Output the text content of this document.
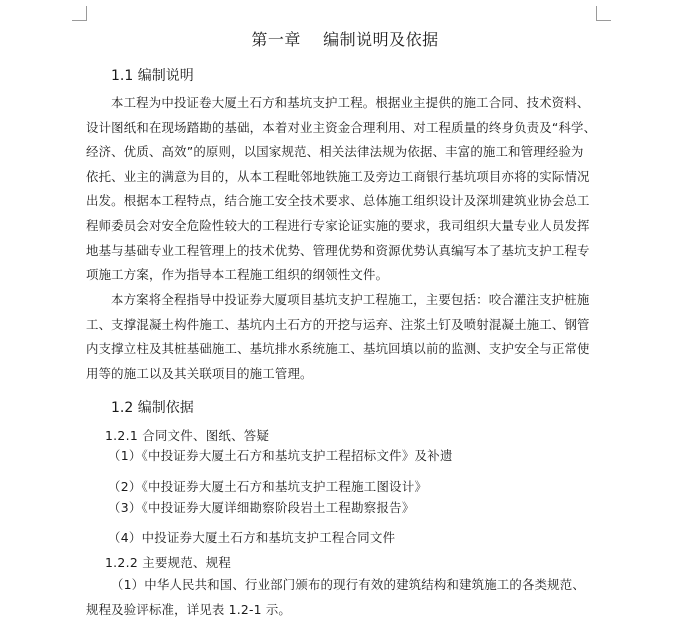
第一章    编制说明及依据
1.1 编制说明
本工程为中投证卷大厦土石方和基坑支护工程。根据业主提供的施工合同、技术资料、
设计图纸和在现场踏勘的基础，本着对业主资金合理利用、对工程质量的终身负责及“科学、
经济、优质、高效”的原则，以国家规范、相关法律法规为依据、丰富的施工和管理经验为
依托、业主的满意为目的，从本工程毗邻地铁施工及旁边工商银行基坑项目亦将的实际情况
出发。根据本工程特点，结合施工安全技术要求、总体施工组织设计及深圳建筑业协会总工
程师委员会对安全危险性较大的工程进行专家论证实施的要求，我司组织大量专业人员发挥
地基与基础专业工程管理上的技术优势、管理优势和资源优势认真编写本了基坑支护工程专
项施工方案，作为指导本工程施工组织的纲领性文件。
本方案将全程指导中投证券大厦项目基坑支护工程施工，主要包括：咬合灌注支护桩施
工、支撑混凝土构件施工、基坑内土石方的开挖与运弃、注浆土钉及喷射混凝土施工、钢管
内支撑立柱及其桩基础施工、基坑排水系统施工、基坑回填以前的监测、支护安全与正常使
用等的施工以及其关联项目的施工管理。
1.2 编制依据
1.2.1 合同文件、图纸、答疑
（1）《中投证券大厦土石方和基坑支护工程招标文件》及补遗
（2）《中投证券大厦土石方和基坑支护工程施工图设计》
（3）《中投证券大厦详细勘察阶段岩土工程勘察报告》
（4）中投证券大厦土石方和基坑支护工程合同文件
1.2.2 主要规范、规程
（1）中华人民共和国、行业部门颁布的现行有效的建筑结构和建筑施工的各类规范、
规程及验评标准，详见表 1.2-1 示。
